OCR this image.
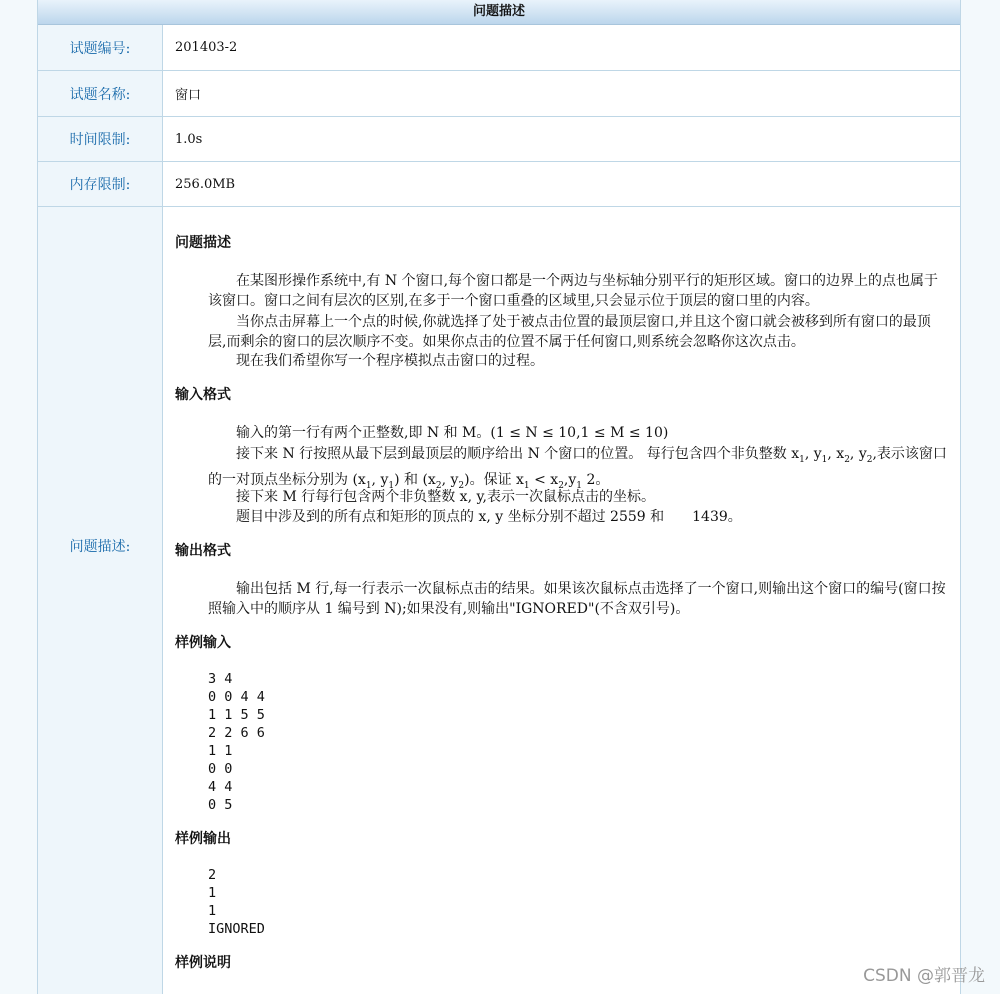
问题描述
试题编号:	201403-2
试题名称:	窗口
时间限制:	1.0s
内存限制:	256.0MB
问题描述:
问题描述
在某图形操作系统中,有 N 个窗口,每个窗口都是一个两边与坐标轴分别平行的矩形区域。窗口的边界上的点也属于该窗口。窗口之间有层次的区别,在多于一个窗口重叠的区域里,只会显示位于顶层的窗口里的内容。
当你点击屏幕上一个点的时候,你就选择了处于被点击位置的最顶层窗口,并且这个窗口就会被移到所有窗口的最顶层,而剩余的窗口的层次顺序不变。如果你点击的位置不属于任何窗口,则系统会忽略你这次点击。
现在我们希望你写一个程序模拟点击窗口的过程。
输入格式
输入的第一行有两个正整数,即 N 和 M。(1 ≤ N ≤ 10,1 ≤ M ≤ 10)
接下来 N 行按照从最下层到最顶层的顺序给出 N 个窗口的位置。 每行包含四个非负整数 $x_1$, $y_1$, $x_2$, $y_2$,表示该窗口的一对顶点坐标分别为 ($x_1$, $y_1$) 和 ($x_2$, $y_2$)。保证 $x_1 < x_2,y_1$ 2。
接下来 M 行每行包含两个非负整数 x, y,表示一次鼠标点击的坐标。
题目中涉及到的所有点和矩形的顶点的 x, y 坐标分别不超过 2559 和　　1439。
输出格式
输出包括 M 行,每一行表示一次鼠标点击的结果。如果该次鼠标点击选择了一个窗口,则输出这个窗口的编号(窗口按照输入中的顺序从 1 编号到 N);如果没有,则输出"IGNORED"(不含双引号)。
样例输入
3 4
0 0 4 4
1 1 5 5
2 2 6 6
1 1
0 0
4 4
0 5
样例输出
2
1
1
IGNORED
样例说明
CSDN @郭晋龙
